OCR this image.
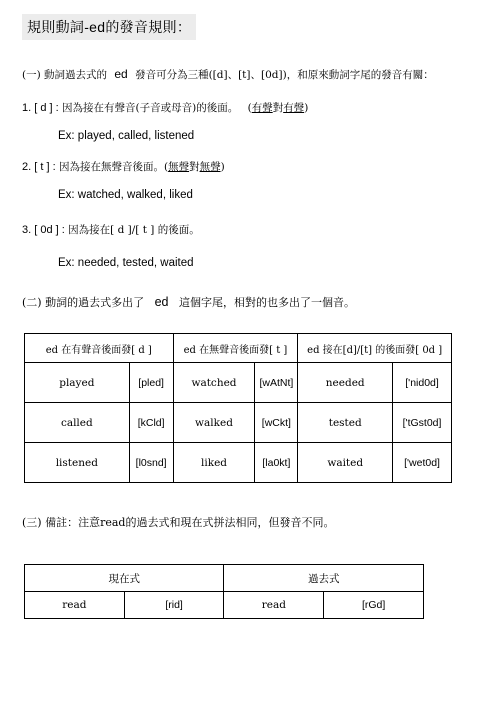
規則動詞-ed的發音規則：
(一) 動詞過去式的 ed 發音可分為三種([d]、[t]、[0d])，和原來動詞字尾的發音有關：
1. [ d ] : 因為接在有聲音(子音或母音)的後面。 (有聲對有聲)
Ex: played, called, listened
2. [ t ] : 因為接在無聲音後面。(無聲對無聲)
Ex: watched, walked, liked
3. [ 0d ] : 因為接在[ d ]/[ t ] 的後面。
Ex: needed, tested, waited
(二) 動詞的過去式多出了 ed 這個字尾，相對的也多出了一個音。
ed 在有聲音後面發[ d ]		ed 在無聲音後面發[ t ]		ed 接在[d]/[t] 的後面發[ 0d ]	
played	[pled]	watched	[wAtNt]	needed	['nid0d]
called	[kCld]	walked	[wCkt]	tested	['tGst0d]
listened	[l0snd]	liked	[la0kt]	waited	['wet0d]
(三) 備註：注意read的過去式和現在式拼法相同，但發音不同。
現在式		過去式	
read	[rid]	read	[rGd]
